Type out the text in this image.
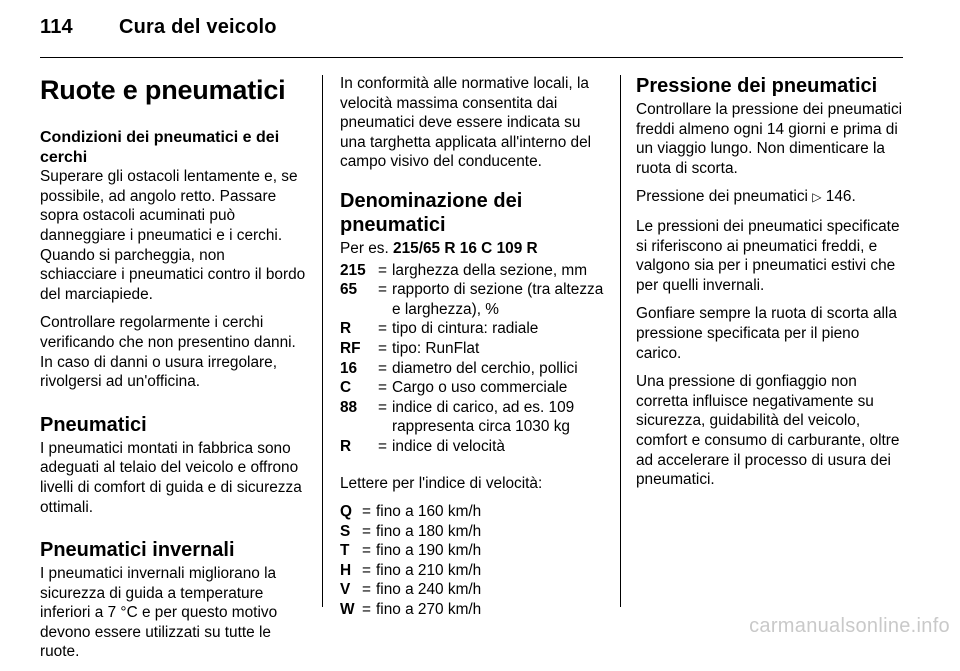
114 Cura del veicolo
Ruote e pneumatici
Condizioni dei pneumatici e dei cerchi

Superare gli ostacoli lentamente e, se possibile, ad angolo retto. Passare sopra ostacoli acuminati può danneggiare i pneumatici e i cerchi. Quando si parcheggia, non schiacciare i pneumatici contro il bordo del marciapiede.

Controllare regolarmente i cerchi verificando che non presentino danni. In caso di danni o usura irregolare, rivolgersi ad un'officina.

Pneumatici

I pneumatici montati in fabbrica sono adeguati al telaio del veicolo e offrono livelli di comfort di guida e di sicurezza ottimali.

Pneumatici invernali

I pneumatici invernali migliorano la sicurezza di guida a temperature inferiori a 7 °C e per questo motivo devono essere utilizzati su tutte le ruote.

In conformità alle normative locali, la velocità massima consentita dai pneumatici deve essere indicata su una targhetta applicata all'interno del campo visivo del conducente.

Denominazione dei pneumatici

Per es. 215/65 R 16 C 109 R

215 = larghezza della sezione, mm
65	= rapporto di sezione (tra altezza e larghezza), %
R	= tipo di cintura: radiale
RF	= tipo: RunFlat
16	= diametro del cerchio, pollici
C	= Cargo o uso commerciale
88	= indice di carico, ad es. 109 rappresenta circa 1030 kg
R	= indice di velocità

Lettere per l'indice di velocità:

Q = fino a 160 km/h
S = fino a 180 km/h
T = fino a 190 km/h
H = fino a 210 km/h
V = fino a 240 km/h
W = fino a 270 km/h
Pressione dei pneumatici

Controllare la pressione dei pneumatici freddi almeno ogni 14 giorni e prima di un viaggio lungo. Non dimenticare la ruota di scorta.

Pressione dei pneumatici ▷ 146.

Le pressioni dei pneumatici specificate si riferiscono ai pneumatici freddi, e valgono sia per i pneumatici estivi che per quelli invernali.

Gonfiare sempre la ruota di scorta alla pressione specificata per il pieno carico.

Una pressione di gonfiaggio non corretta influisce negativamente su sicurezza, guidabilità del veicolo, comfort e consumo di carburante, oltre ad accelerare il processo di usura dei pneumatici.

carmanualsonline.info
